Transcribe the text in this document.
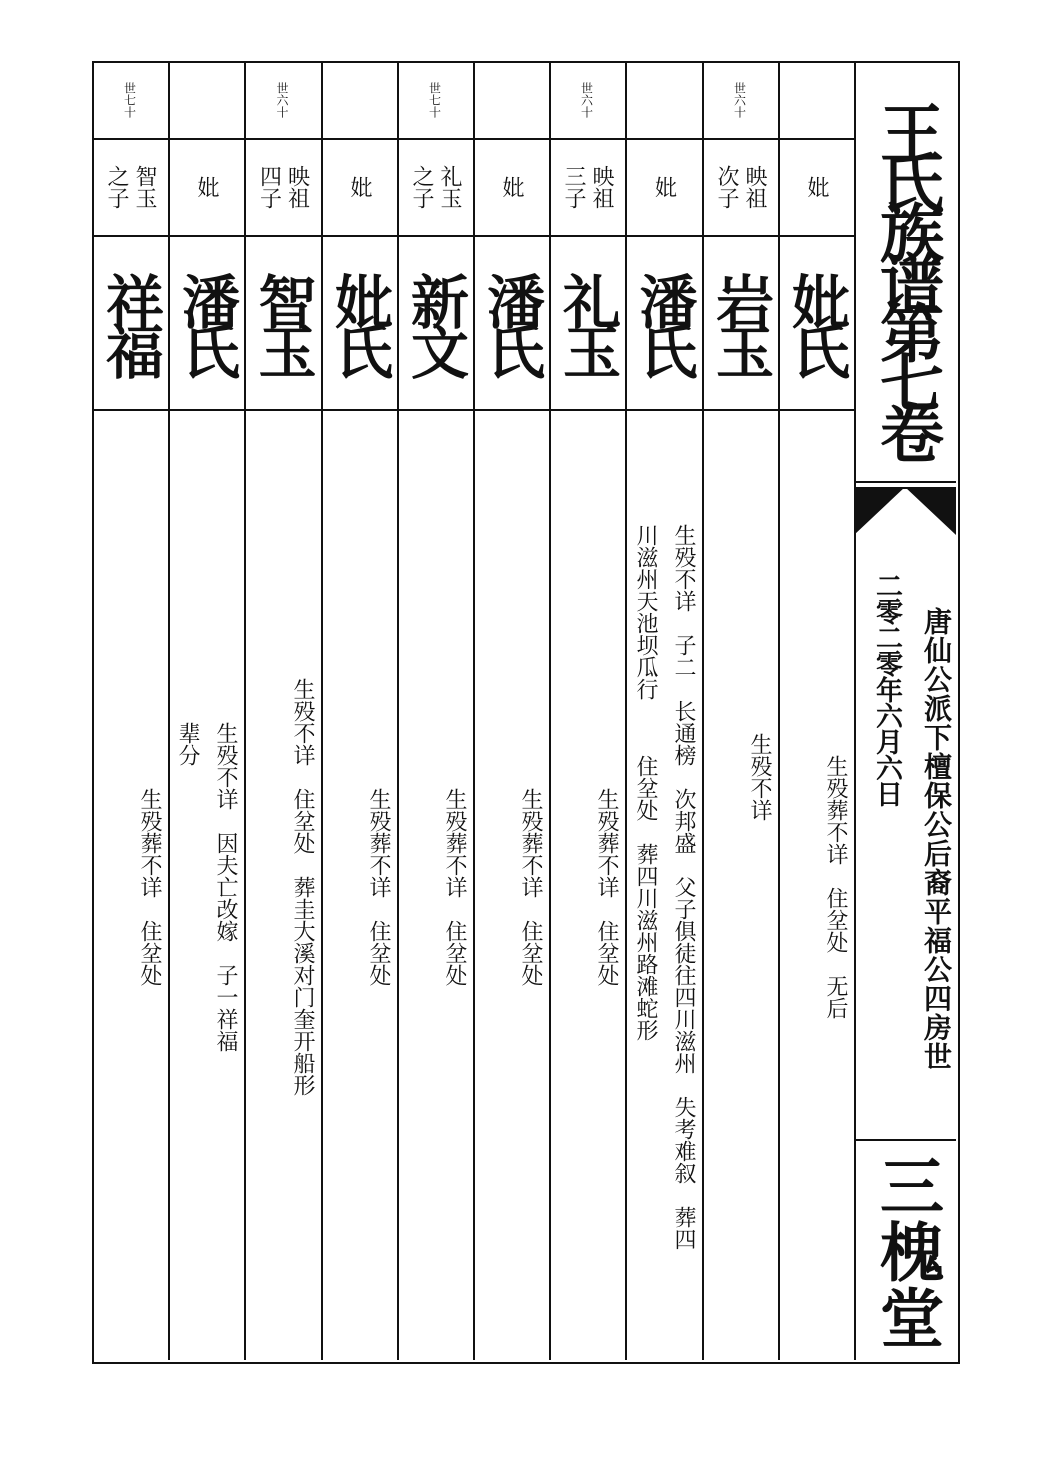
王氏族谱第七卷
唐仙公派下檀保公后裔平福公四房世
二零二零年六月六日
三槐堂
妣
妣氏
生殁葬不详　住坌处　无后
世六十
映祖
次子
岩玉
生殁不详

　住坌处　葬四川滋州路滩蛇形
妣
潘氏
生殁不详　子二　长通榜　次邦盛　父子俱徒往四川滋州　失考难叙　葬四
川滋州天池坝瓜行
世六十
映祖
三子
礼玉
生殁葬不详　住坌处
妣
潘氏
生殁葬不详　住坌处
世七十
礼玉
之子
新文
生殁葬不详　住坌处
妣
妣氏
生殁葬不详　住坌处
世六十
映祖
四子
智玉
生殁不详　住坌处　葬圭大溪对门奎开船形
妣
潘氏
生殁不详　因夫亡改嫁　子一祥福
辈分
世七十
智玉
之子
祥福
生殁葬不详　住坌处
